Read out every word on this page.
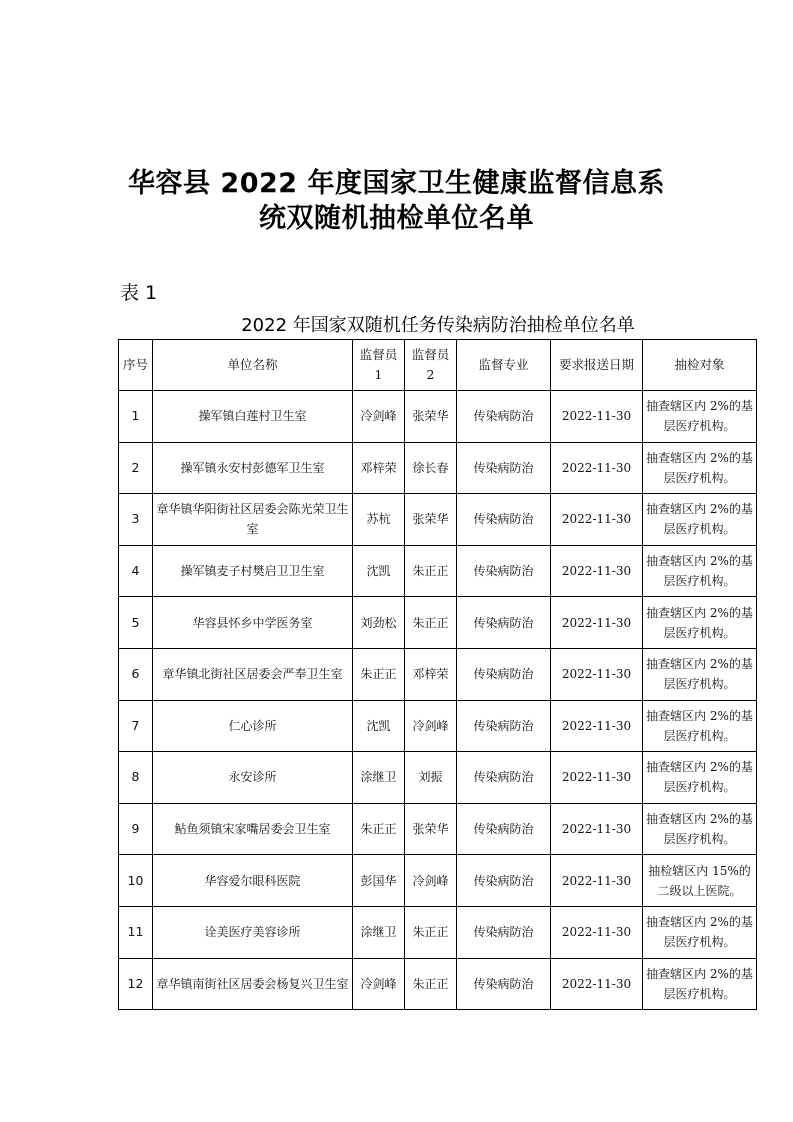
华容县 2022 年度国家卫生健康监督信息系
统双随机抽检单位名单
表 1
2022 年国家双随机任务传染病防治抽检单位名单
序号	单位名称	监督员 1	监督员 2	监督专业	要求报送日期	抽检对象
1	操军镇白莲村卫生室	冷剑峰	张荣华	传染病防治	2022-11-30	抽查辖区内 2%的基层医疗机构。
2	操军镇永安村彭德军卫生室	邓梓荣	徐长春	传染病防治	2022-11-30	抽查辖区内 2%的基层医疗机构。
3	章华镇华阳街社区居委会陈光荣卫生室	苏杭	张荣华	传染病防治	2022-11-30	抽查辖区内 2%的基层医疗机构。
4	操军镇麦子村樊启卫卫生室	沈凯	朱正正	传染病防治	2022-11-30	抽查辖区内 2%的基层医疗机构。
5	华容县怀乡中学医务室	刘劲松	朱正正	传染病防治	2022-11-30	抽查辖区内 2%的基层医疗机构。
6	章华镇北街社区居委会严奉卫生室	朱正正	邓梓荣	传染病防治	2022-11-30	抽查辖区内 2%的基层医疗机构。
7	仁心诊所	沈凯	冷剑峰	传染病防治	2022-11-30	抽查辖区内 2%的基层医疗机构。
8	永安诊所	涂继卫	刘振	传染病防治	2022-11-30	抽查辖区内 2%的基层医疗机构。
9	鲇鱼须镇宋家嘴居委会卫生室	朱正正	张荣华	传染病防治	2022-11-30	抽查辖区内 2%的基层医疗机构。
10	华容爱尔眼科医院	彭国华	冷剑峰	传染病防治	2022-11-30	抽检辖区内 15%的二级以上医院。
11	诠美医疗美容诊所	涂继卫	朱正正	传染病防治	2022-11-30	抽查辖区内 2%的基层医疗机构。
12	章华镇南街社区居委会杨复兴卫生室	冷剑峰	朱正正	传染病防治	2022-11-30	抽查辖区内 2%的基层医疗机构。
